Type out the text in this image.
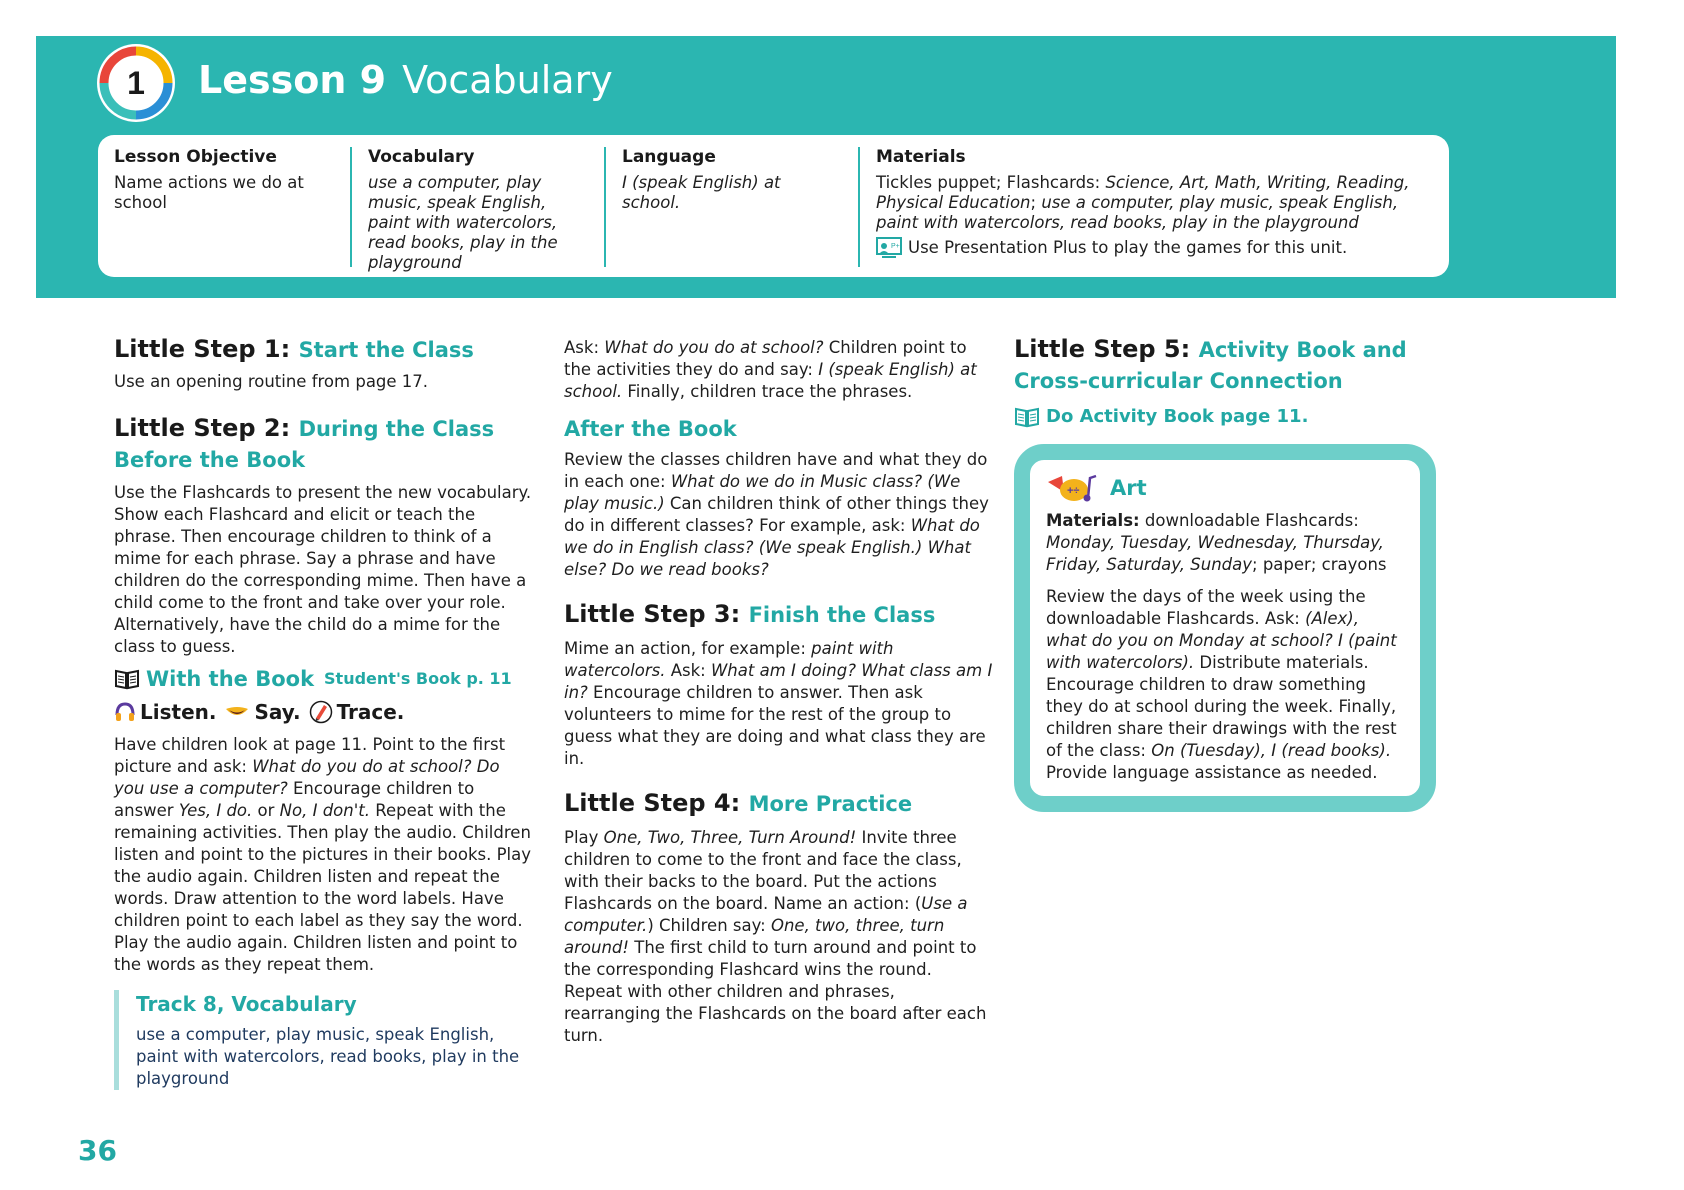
1 Lesson 9 Vocabulary
Lesson Objective
Name actions we do at school
Vocabulary
use a computer, play music, speak English, paint with watercolors, read books, play in the playground
Language
I (speak English) at school.
Materials
Tickles puppet; Flashcards: Science, Art, Math, Writing, Reading, Physical Education; use a computer, play music, speak English, paint with watercolors, read books, play in the playground
P+ Use Presentation Plus to play the games for this unit.
Little Step 1: Start the Class

Use an opening routine from page 17.

Little Step 2: During the Class
Before the Book

Use the Flashcards to present the new vocabulary. Show each Flashcard and elicit or teach the phrase. Then encourage children to think of a mime for each phrase. Say a phrase and have children do the corresponding mime. Then have a child come to the front and take over your role. Alternatively, have the child do a mime for the class to guess.

With the Book Student's Book p. 11
Listen. Say. Trace.

Have children look at page 11. Point to the first picture and ask: What do you do at school? Do you use a computer? Encourage children to answer Yes, I do. or No, I don't. Repeat with the remaining activities. Then play the audio. Children listen and point to the pictures in their books. Play the audio again. Children listen and repeat the words. Draw attention to the word labels. Have children point to each label as they say the word. Play the audio again. Children listen and point to the words as they repeat them.

Track 8, Vocabulary

use a computer, play music, speak English, paint with watercolors, read books, play in the playground

Ask: What do you do at school? Children point to the activities they do and say: I (speak English) at school. Finally, children trace the phrases.

After the Book

Review the classes children have and what they do in each one: What do we do in Music class? (We play music.) Can children think of other things they do in different classes? For example, ask: What do we do in English class? (We speak English.) What else? Do we read books?

Little Step 3: Finish the Class

Mime an action, for example: paint with watercolors. Ask: What am I doing? What class am I in? Encourage children to answer. Then ask volunteers to mime for the rest of the group to guess what they are doing and what class they are in.

Little Step 4: More Practice

Play One, Two, Three, Turn Around! Invite three children to come to the front and face the class, with their backs to the board. Put the actions Flashcards on the board. Name an action: (Use a computer.) Children say: One, two, three, turn around! The first child to turn around and point to the corresponding Flashcard wins the round. Repeat with other children and phrases, rearranging the Flashcards on the board after each turn.

Little Step 5: Activity Book and Cross-curricular Connection
Do Activity Book page 11.
+÷ Art

Materials: downloadable Flashcards: Monday, Tuesday, Wednesday, Thursday, Friday, Saturday, Sunday; paper; crayons

Review the days of the week using the downloadable Flashcards. Ask: (Alex), what do you on Monday at school? I (paint with watercolors). Distribute materials. Encourage children to draw something they do at school during the week. Finally, children share their drawings with the rest of the class: On (Tuesday), I (read books). Provide language assistance as needed.

36
